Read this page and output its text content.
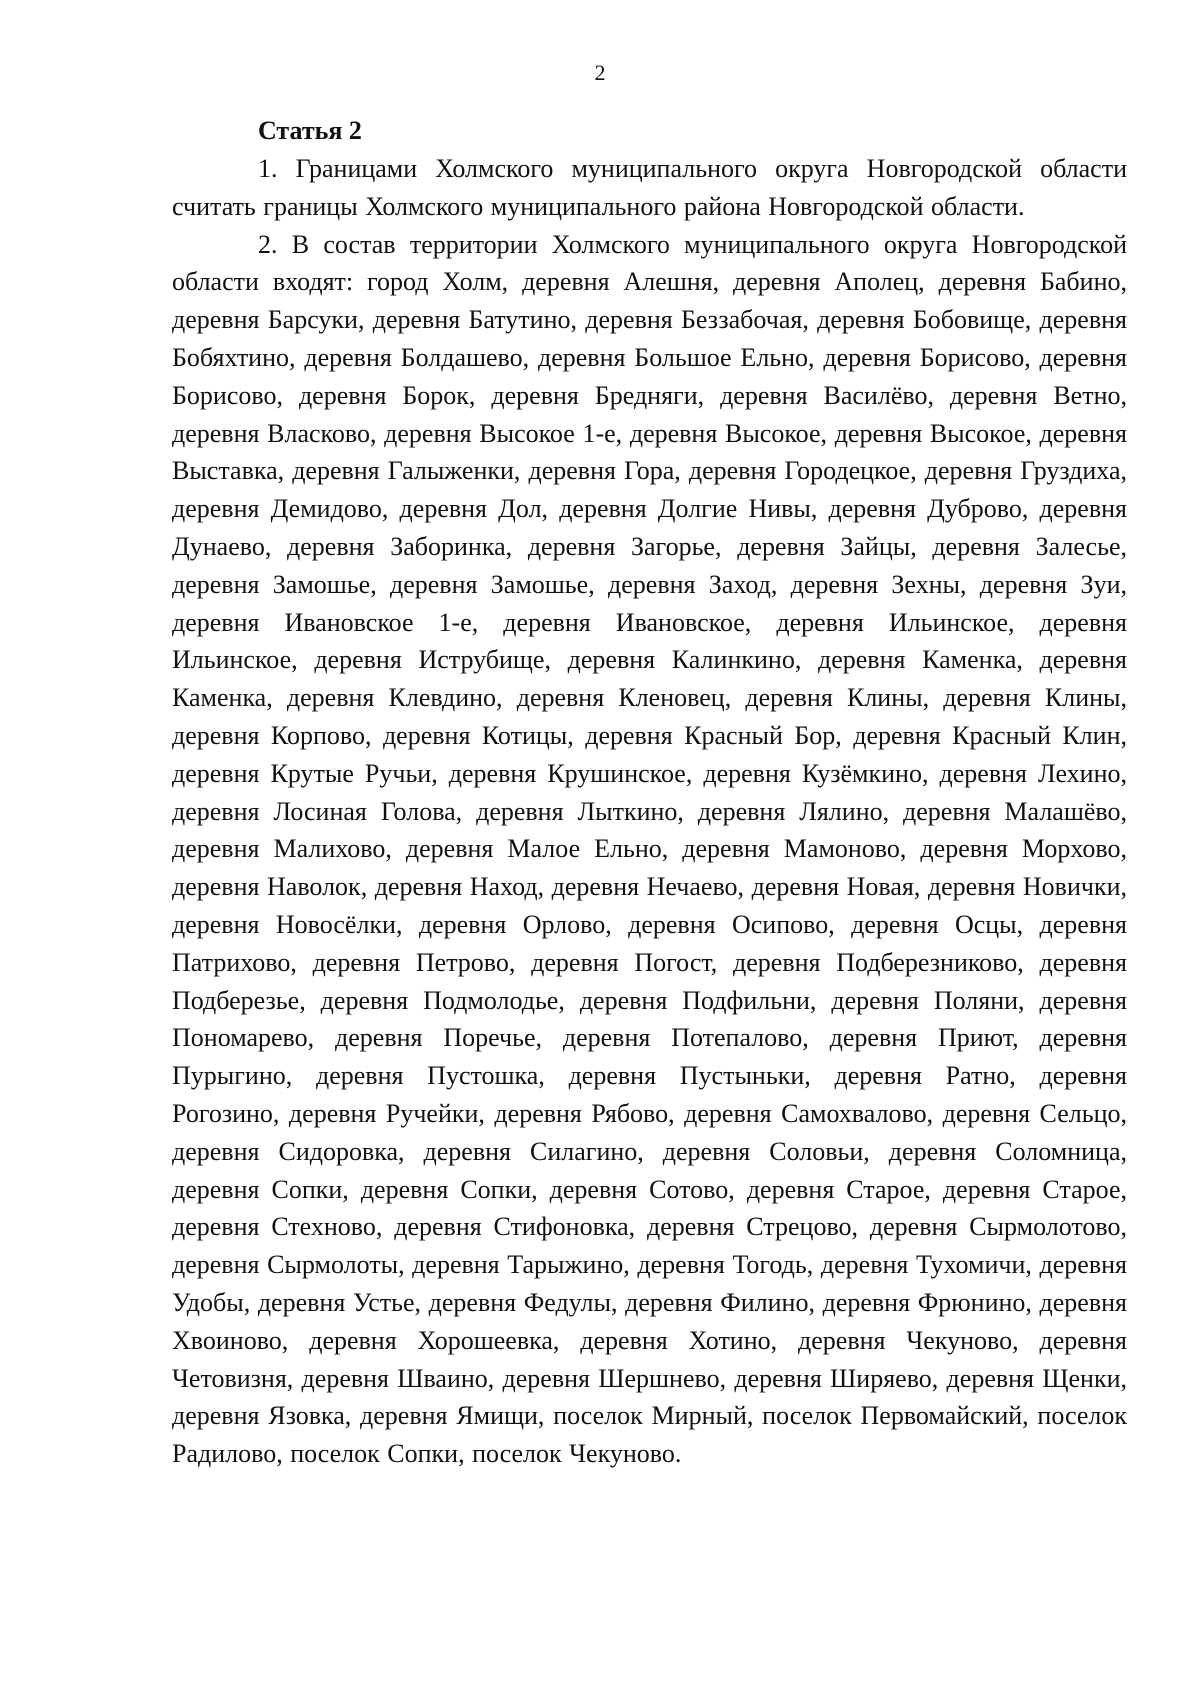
2
Статья 2

1. Границами Холмского муниципального округа Новгородской области считать границы Холмского муниципального района Новгородской области.

2. В состав территории Холмского муниципального округа Новгородской области входят: город Холм, деревня Алешня, деревня Аполец, деревня Бабино, деревня Барсуки, деревня Батутино, деревня Беззабочая, деревня Бобовище, деревня Бобяхтино, деревня Болдашево, деревня Большое Ельно, деревня Борисово, деревня Борисово, деревня Борок, деревня Бредняги, деревня Василёво, деревня Ветно, деревня Власково, деревня Высокое 1-е, деревня Высокое, деревня Высокое, деревня Выставка, деревня Галыженки, деревня Гора, деревня Городецкое, деревня Груздиха, деревня Демидово, деревня Дол, деревня Долгие Нивы, деревня Дуброво, деревня Дунаево, деревня Заборинка, деревня Загорье, деревня Зайцы, деревня Залесье, деревня Замошье, деревня Замошье, деревня Заход, деревня Зехны, деревня Зуи, деревня Ивановское 1-е, деревня Ивановское, деревня Ильинское, деревня Ильинское, деревня Иструбище, деревня Калинкино, деревня Каменка, деревня Каменка, деревня Клевдино, деревня Кленовец, деревня Клины, деревня Клины, деревня Корпово, деревня Котицы, деревня Красный Бор, деревня Красный Клин, деревня Крутые Ручьи, деревня Крушинское, деревня Кузёмкино, деревня Лехино, деревня Лосиная Голова, деревня Лыткино, деревня Лялино, деревня Малашёво, деревня Малихово, деревня Малое Ельно, деревня Мамоново, деревня Морхово, деревня Наволок, деревня Наход, деревня Нечаево, деревня Новая, деревня Новички, деревня Новосёлки, деревня Орлово, деревня Осипово, деревня Осцы, деревня Патрихово, деревня Петрово, деревня Погост, деревня Подберезниково, деревня Подберезье, деревня Подмолодье, деревня Подфильни, деревня Поляни, деревня Пономарево, деревня Поречье, деревня Потепалово, деревня Приют, деревня Пурыгино, деревня Пустошка, деревня Пустыньки, деревня Ратно, деревня Рогозино, деревня Ручейки, деревня Рябово, деревня Самохвалово, деревня Сельцо, деревня Сидоровка, деревня Силагино, деревня Соловьи, деревня Соломница, деревня Сопки, деревня Сопки, деревня Сотово, деревня Старое, деревня Старое, деревня Стехново, деревня Стифоновка, деревня Стрецово, деревня Сырмолотово, деревня Сырмолоты, деревня Тарыжино, деревня Тогодь, деревня Тухомичи, деревня Удобы, деревня Устье, деревня Федулы, деревня Филино, деревня Фрюнино, деревня Хвоиново, деревня Хорошеевка, деревня Хотино, деревня Чекуново, деревня Четовизня, деревня Шваино, деревня Шершнево, деревня Ширяево, деревня Щенки, деревня Язовка, деревня Ямищи, поселок Мирный, поселок Первомайский, поселок Радилово, поселок Сопки, поселок Чекуново.
